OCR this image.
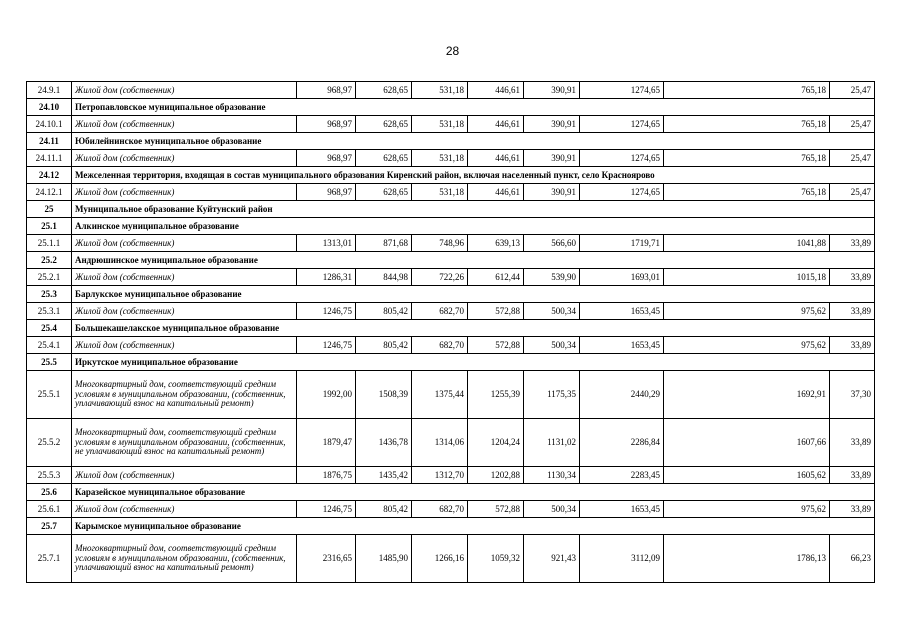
28
24.9.1	Жилой дом (собственник)	968,97	628,65	531,18	446,61	390,91	1274,65	765,18	25,47
24.10	Петропавловское муниципальное образование								
24.10.1	Жилой дом (собственник)	968,97	628,65	531,18	446,61	390,91	1274,65	765,18	25,47
24.11	Юбилейнинское муниципальное образование								
24.11.1	Жилой дом (собственник)	968,97	628,65	531,18	446,61	390,91	1274,65	765,18	25,47
24.12	Межселенная территория, входящая в состав муниципального образования Киренский район, включая населенный пункт, село Красноярово								
24.12.1	Жилой дом (собственник)	968,97	628,65	531,18	446,61	390,91	1274,65	765,18	25,47
25	Муниципальное образование Куйтунский район								
25.1	Алкинское муниципальное образование								
25.1.1	Жилой дом (собственник)	1313,01	871,68	748,96	639,13	566,60	1719,71	1041,88	33,89
25.2	Андрюшинское муниципальное образование								
25.2.1	Жилой дом (собственник)	1286,31	844,98	722,26	612,44	539,90	1693,01	1015,18	33,89
25.3	Барлукское муниципальное образование								
25.3.1	Жилой дом (собственник)	1246,75	805,42	682,70	572,88	500,34	1653,45	975,62	33,89
25.4	Большекашелакское муниципальное образование								
25.4.1	Жилой дом (собственник)	1246,75	805,42	682,70	572,88	500,34	1653,45	975,62	33,89
25.5	Иркутское муниципальное образование								
25.5.1	Многоквартирный дом, соответствующий средним условиям в муниципальном образовании, (собственник, уплачивающий взнос на капитальный ремонт)	1992,00	1508,39	1375,44	1255,39	1175,35	2440,29	1692,91	37,30
25.5.2	Многоквартирный дом, соответствующий средним условиям в муниципальном образовании, (собственник, не уплачивающий взнос на капитальный ремонт)	1879,47	1436,78	1314,06	1204,24	1131,02	2286,84	1607,66	33,89
25.5.3	Жилой дом (собственник)	1876,75	1435,42	1312,70	1202,88	1130,34	2283,45	1605,62	33,89
25.6	Каразейское муниципальное образование								
25.6.1	Жилой дом (собственник)	1246,75	805,42	682,70	572,88	500,34	1653,45	975,62	33,89
25.7	Карымское муниципальное образование								
25.7.1	Многоквартирный дом, соответствующий средним условиям в муниципальном образовании, (собственник, уплачивающий взнос на капитальный ремонт)	2316,65	1485,90	1266,16	1059,32	921,43	3112,09	1786,13	66,23
